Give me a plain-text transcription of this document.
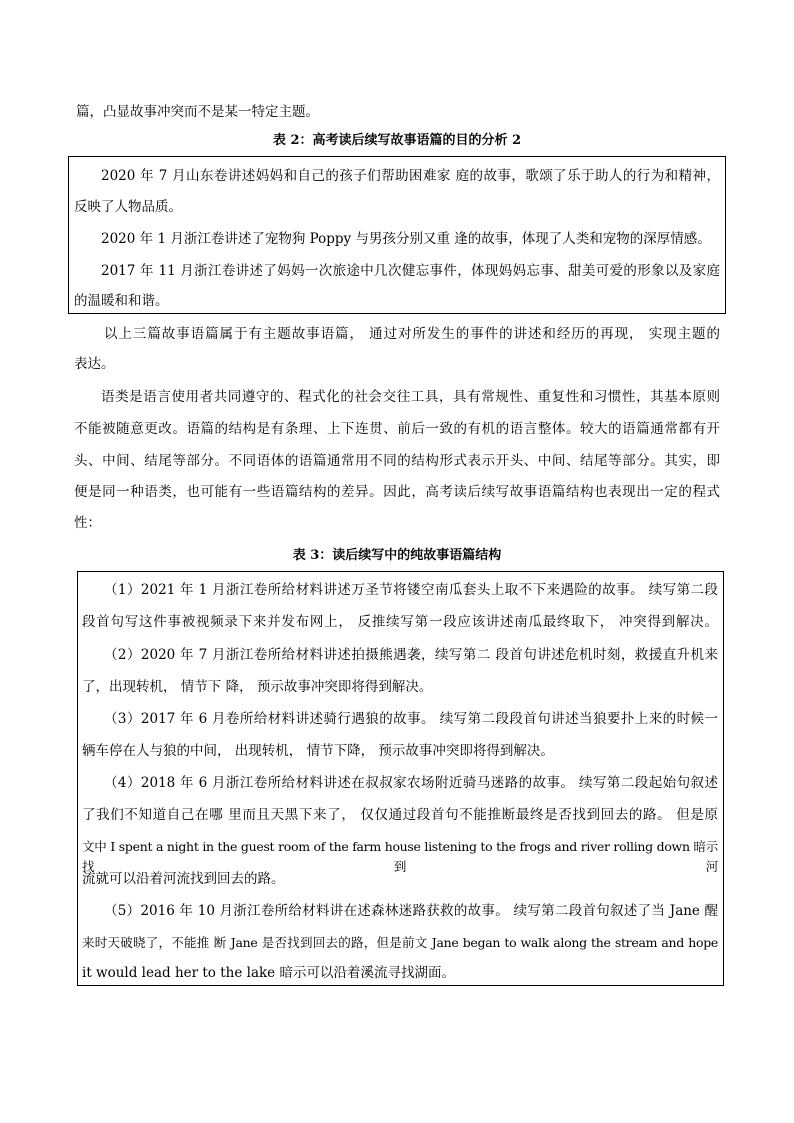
篇，凸显故事冲突而不是某一特定主题。
表 2：高考读后续写故事语篇的目的分析 2
2020 年 7 月山东卷讲述妈妈和自己的孩子们帮助困难家 庭的故事，歌颂了乐于助人的行为和精神，
反映了人物品质。
2020 年 1 月浙江卷讲述了宠物狗 Poppy 与男孩分别又重 逢的故事，体现了人类和宠物的深厚情感。
2017 年 11 月浙江卷讲述了妈妈一次旅途中几次健忘事件，体现妈妈忘事、甜美可爱的形象以及家庭
的温暖和和谐。
以上三篇故事语篇属于有主题故事语篇， 通过对所发生的事件的讲述和经历的再现， 实现主题的
表达。
语类是语言使用者共同遵守的、程式化的社会交往工具，具有常规性、重复性和习惯性，其基本原则
不能被随意更改。语篇的结构是有条理、上下连贯、前后一致的有机的语言整体。较大的语篇通常都有开
头、中间、结尾等部分。不同语体的语篇通常用不同的结构形式表示开头、中间、结尾等部分。其实，即
便是同一种语类，也可能有一些语篇结构的差异。因此，高考读后续写故事语篇结构也表现出一定的程式
性：
表 3：读后续写中的纯故事语篇结构
（1）2021 年 1 月浙江卷所给材料讲述万圣节将镂空南瓜套头上取不下来遇险的故事。 续写第二段
段首句写这件事被视频录下来并发布网上， 反推续写第一段应该讲述南瓜最终取下， 冲突得到解决。
（2）2020 年 7 月浙江卷所给材料讲述拍摄熊遇袭，续写第二 段首句讲述危机时刻，救援直升机来
了，出现转机， 情节下 降， 预示故事冲突即将得到解决。
（3）2017 年 6 月卷所给材料讲述骑行遇狼的故事。 续写第二段段首句讲述当狼要扑上来的时候一
辆车停在人与狼的中间， 出现转机， 情节下降， 预示故事冲突即将得到解决。
（4）2018 年 6 月浙江卷所给材料讲述在叔叔家农场附近骑马迷路的故事。 续写第二段起始句叙述
了我们不知道自己在哪 里而且天黑下来了， 仅仅通过段首句不能推断最终是否找到回去的路。 但是原
文中 I spent a night in the guest room of the farm house listening to the frogs and river rolling down 暗示找到河
流就可以沿着河流找到回去的路。
（5）2016 年 10 月浙江卷所给材料讲在述森林迷路获救的故事。 续写第二段首句叙述了当 Jane 醒
来时天破晓了，不能推 断 Jane 是否找到回去的路，但是前文 Jane began to walk along the stream and hope
it would lead her to the lake 暗示可以沿着溪流寻找湖面。
